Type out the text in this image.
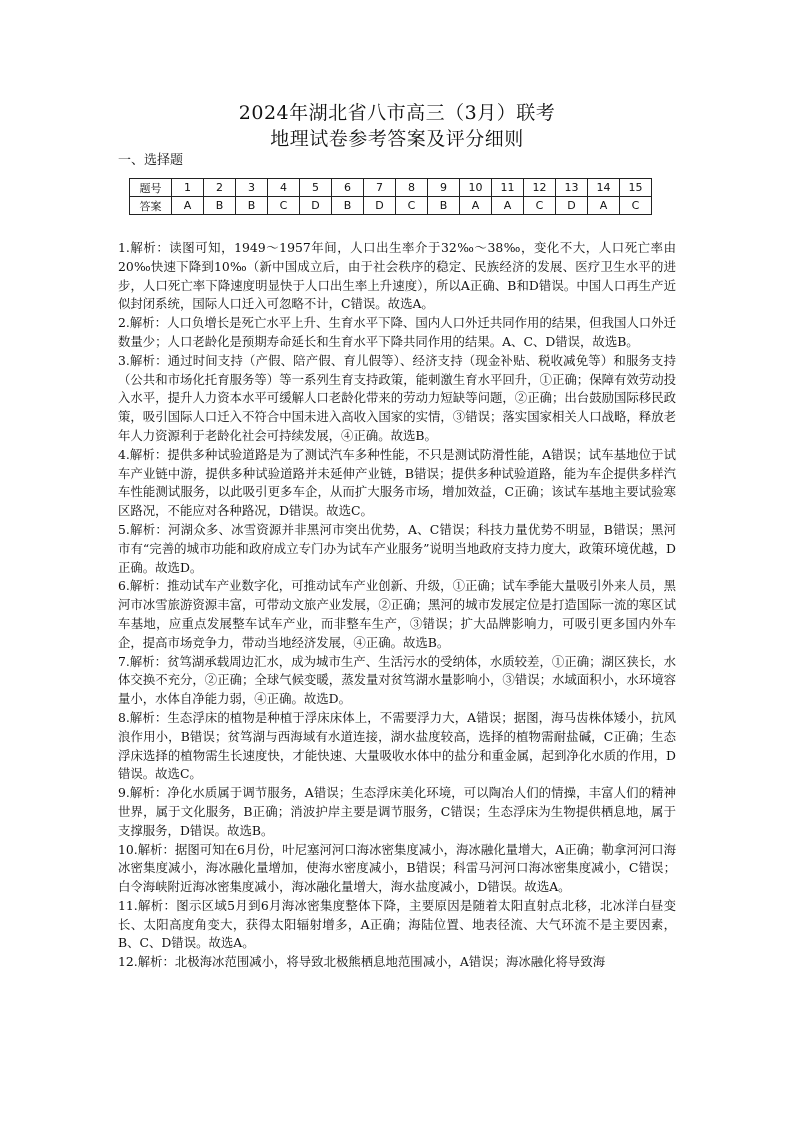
2024年湖北省八市高三（3月）联考
地理试卷参考答案及评分细则
一、选择题
题号	1	2	3	4	5	6	7	8	9	10	11	12	13	14	15
答案	A	B	B	C	D	B	D	C	B	A	A	C	D	A	C

1.解析：读图可知，1949～1957年间，人口出生率介于32‰～38‰，变化不大，人口死亡率由20‰快速下降到10‰（新中国成立后，由于社会秩序的稳定、民族经济的发展、医疗卫生水平的进步，人口死亡率下降速度明显快于人口出生率上升速度），所以A正确、B和D错误。中国人口再生产近似封闭系统，国际人口迁入可忽略不计，C错误。故选A。

2.解析：人口负增长是死亡水平上升、生育水平下降、国内人口外迁共同作用的结果，但我国人口外迁数量少；人口老龄化是预期寿命延长和生育水平下降共同作用的结果。A、C、D错误，故选B。

3.解析：通过时间支持（产假、陪产假、育儿假等）、经济支持（现金补贴、税收减免等）和服务支持（公共和市场化托育服务等）等一系列生育支持政策，能刺激生育水平回升，①正确；保障有效劳动投入水平，提升人力资本水平可缓解人口老龄化带来的劳动力短缺等问题，②正确；出台鼓励国际移民政策，吸引国际人口迁入不符合中国未进入高收入国家的实情，③错误；落实国家相关人口战略，释放老年人力资源利于老龄化社会可持续发展，④正确。故选B。

4.解析：提供多种试验道路是为了测试汽车多种性能，不只是测试防滑性能，A错误；试车基地位于试车产业链中游，提供多种试验道路并未延伸产业链，B错误；提供多种试验道路，能为车企提供多样汽车性能测试服务，以此吸引更多车企，从而扩大服务市场，增加效益，C正确；该试车基地主要试验寒区路况，不能应对各种路况，D错误。故选C。

5.解析：河湖众多、冰雪资源并非黑河市突出优势，A、C错误；科技力量优势不明显，B错误；黑河市有“完善的城市功能和政府成立专门办为试车产业服务”说明当地政府支持力度大，政策环境优越，D正确。故选D。

6.解析：推动试车产业数字化，可推动试车产业创新、升级，①正确；试车季能大量吸引外来人员，黑河市冰雪旅游资源丰富，可带动文旅产业发展，②正确；黑河的城市发展定位是打造国际一流的寒区试车基地，应重点发展整车试车产业，而非整车生产，③错误；扩大品牌影响力，可吸引更多国内外车企，提高市场竞争力，带动当地经济发展，④正确。故选B。

7.解析：贫笃湖承载周边汇水，成为城市生产、生活污水的受纳体，水质较差，①正确；湖区狭长，水体交换不充分，②正确；全球气候变暖，蒸发量对贫笃湖水量影响小，③错误；水域面积小，水环境容量小，水体自净能力弱，④正确。故选D。

8.解析：生态浮床的植物是种植于浮床床体上，不需要浮力大，A错误；据图，海马齿株体矮小，抗风浪作用小，B错误；贫笃湖与西海域有水道连接，湖水盐度较高，选择的植物需耐盐碱，C正确；生态浮床选择的植物需生长速度快，才能快速、大量吸收水体中的盐分和重金属，起到净化水质的作用，D错误。故选C。

9.解析：净化水质属于调节服务，A错误；生态浮床美化环境，可以陶冶人们的情操，丰富人们的精神世界，属于文化服务，B正确；消波护岸主要是调节服务，C错误；生态浮床为生物提供栖息地，属于支撑服务，D错误。故选B。

10.解析：据图可知在6月份，叶尼塞河河口海冰密集度减小，海冰融化量增大，A正确；勒拿河河口海冰密集度减小，海冰融化量增加，使海水密度减小，B错误；科雷马河河口海冰密集度减小，C错误；白令海峡附近海冰密集度减小，海冰融化量增大，海水盐度减小，D错误。故选A。

11.解析：图示区域5月到6月海冰密集度整体下降，主要原因是随着太阳直射点北移，北冰洋白昼变长、太阳高度角变大，获得太阳辐射增多，A正确；海陆位置、地表径流、大气环流不是主要因素，B、C、D错误。故选A。

12.解析：北极海冰范围减小，将导致北极熊栖息地范围减小，A错误；海冰融化将导致海
